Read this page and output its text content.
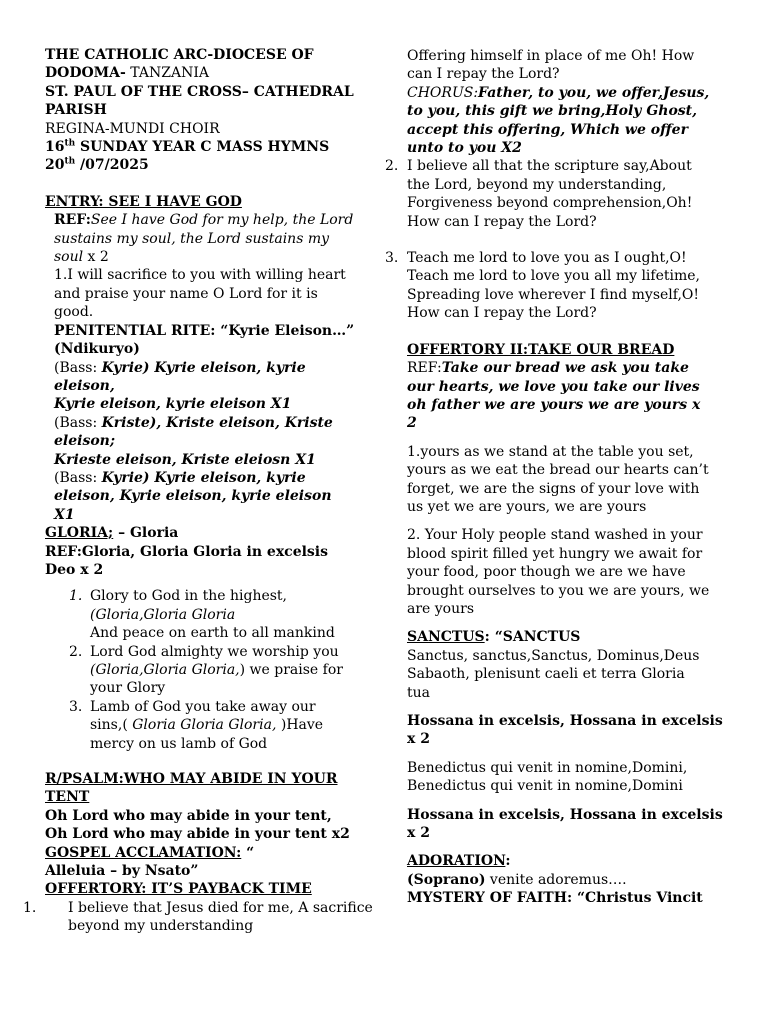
THE CATHOLIC ARC-DIOCESE OF

DODOMA- TANZANIA

ST. PAUL OF THE CROSS– CATHEDRAL

PARISH

REGINA-MUNDI CHOIR

16th SUNDAY YEAR C MASS HYMNS

20th /07/2025

ENTRY: SEE I HAVE GOD

REF:See I have God for my help, the Lord

sustains my soul, the Lord sustains my

soul x 2

1.I will sacrifice to you with willing heart

and praise your name O Lord for it is

good.

PENITENTIAL RITE: “Kyrie Eleison…”

(Ndikuryo)

(Bass: Kyrie) Kyrie eleison, kyrie

eleison,

Kyrie eleison, kyrie eleison X1

(Bass: Kriste), Kriste eleison, Kriste

eleison;

Krieste eleison, Kriste eleiosn X1

(Bass: Kyrie) Kyrie eleison, kyrie

eleison, Kyrie eleison, kyrie eleison

X1

GLORIA; – Gloria

REF:Gloria, Gloria Gloria in excelsis

Deo x 2

1. Glory to God in the highest,

(Gloria,Gloria Gloria

And peace on earth to all mankind

2. Lord God almighty we worship you

(Gloria,Gloria Gloria,) we praise for

your Glory

3. Lamb of God you take away our

sins,( Gloria Gloria Gloria, )Have

mercy on us lamb of God

R/PSALM:WHO MAY ABIDE IN YOUR

TENT

Oh Lord who may abide in your tent,

Oh Lord who may abide in your tent x2

GOSPEL ACCLAMATION: “

Alleluia – by Nsato”

OFFERTORY: IT’S PAYBACK TIME

1.	I believe that Jesus died for me, A sacrifice

beyond my understanding

Offering himself in place of me Oh! How

can I repay the Lord?

CHORUS:Father, to you, we offer,Jesus,

to you, this gift we bring,Holy Ghost,

accept this offering, Which we offer

unto to you X2

2. I believe all that the scripture say,About

the Lord, beyond my understanding,

Forgiveness beyond comprehension,Oh!

How can I repay the Lord?

3. Teach me lord to love you as I ought,O!

Teach me lord to love you all my lifetime,

Spreading love wherever I find myself,O!

How can I repay the Lord?

OFFERTORY II:TAKE OUR BREAD

REF:Take our bread we ask you take

our hearts, we love you take our lives

oh father we are yours we are yours x

2

1.yours as we stand at the table you set,

yours as we eat the bread our hearts can’t

forget, we are the signs of your love with

us yet we are yours, we are yours

2. Your Holy people stand washed in your

blood spirit filled yet hungry we await for

your food, poor though we are we have

brought ourselves to you we are yours, we

are yours

SANCTUS: “SANCTUS

Sanctus, sanctus,Sanctus, Dominus,Deus

Sabaoth, plenisunt caeli et terra Gloria

tua

Hossana in excelsis, Hossana in excelsis

x 2

Benedictus qui venit in nomine,Domini,

Benedictus qui venit in nomine,Domini

Hossana in excelsis, Hossana in excelsis

x 2

ADORATION:

(Soprano) venite adoremus….

MYSTERY OF FAITH: “Christus Vincit
